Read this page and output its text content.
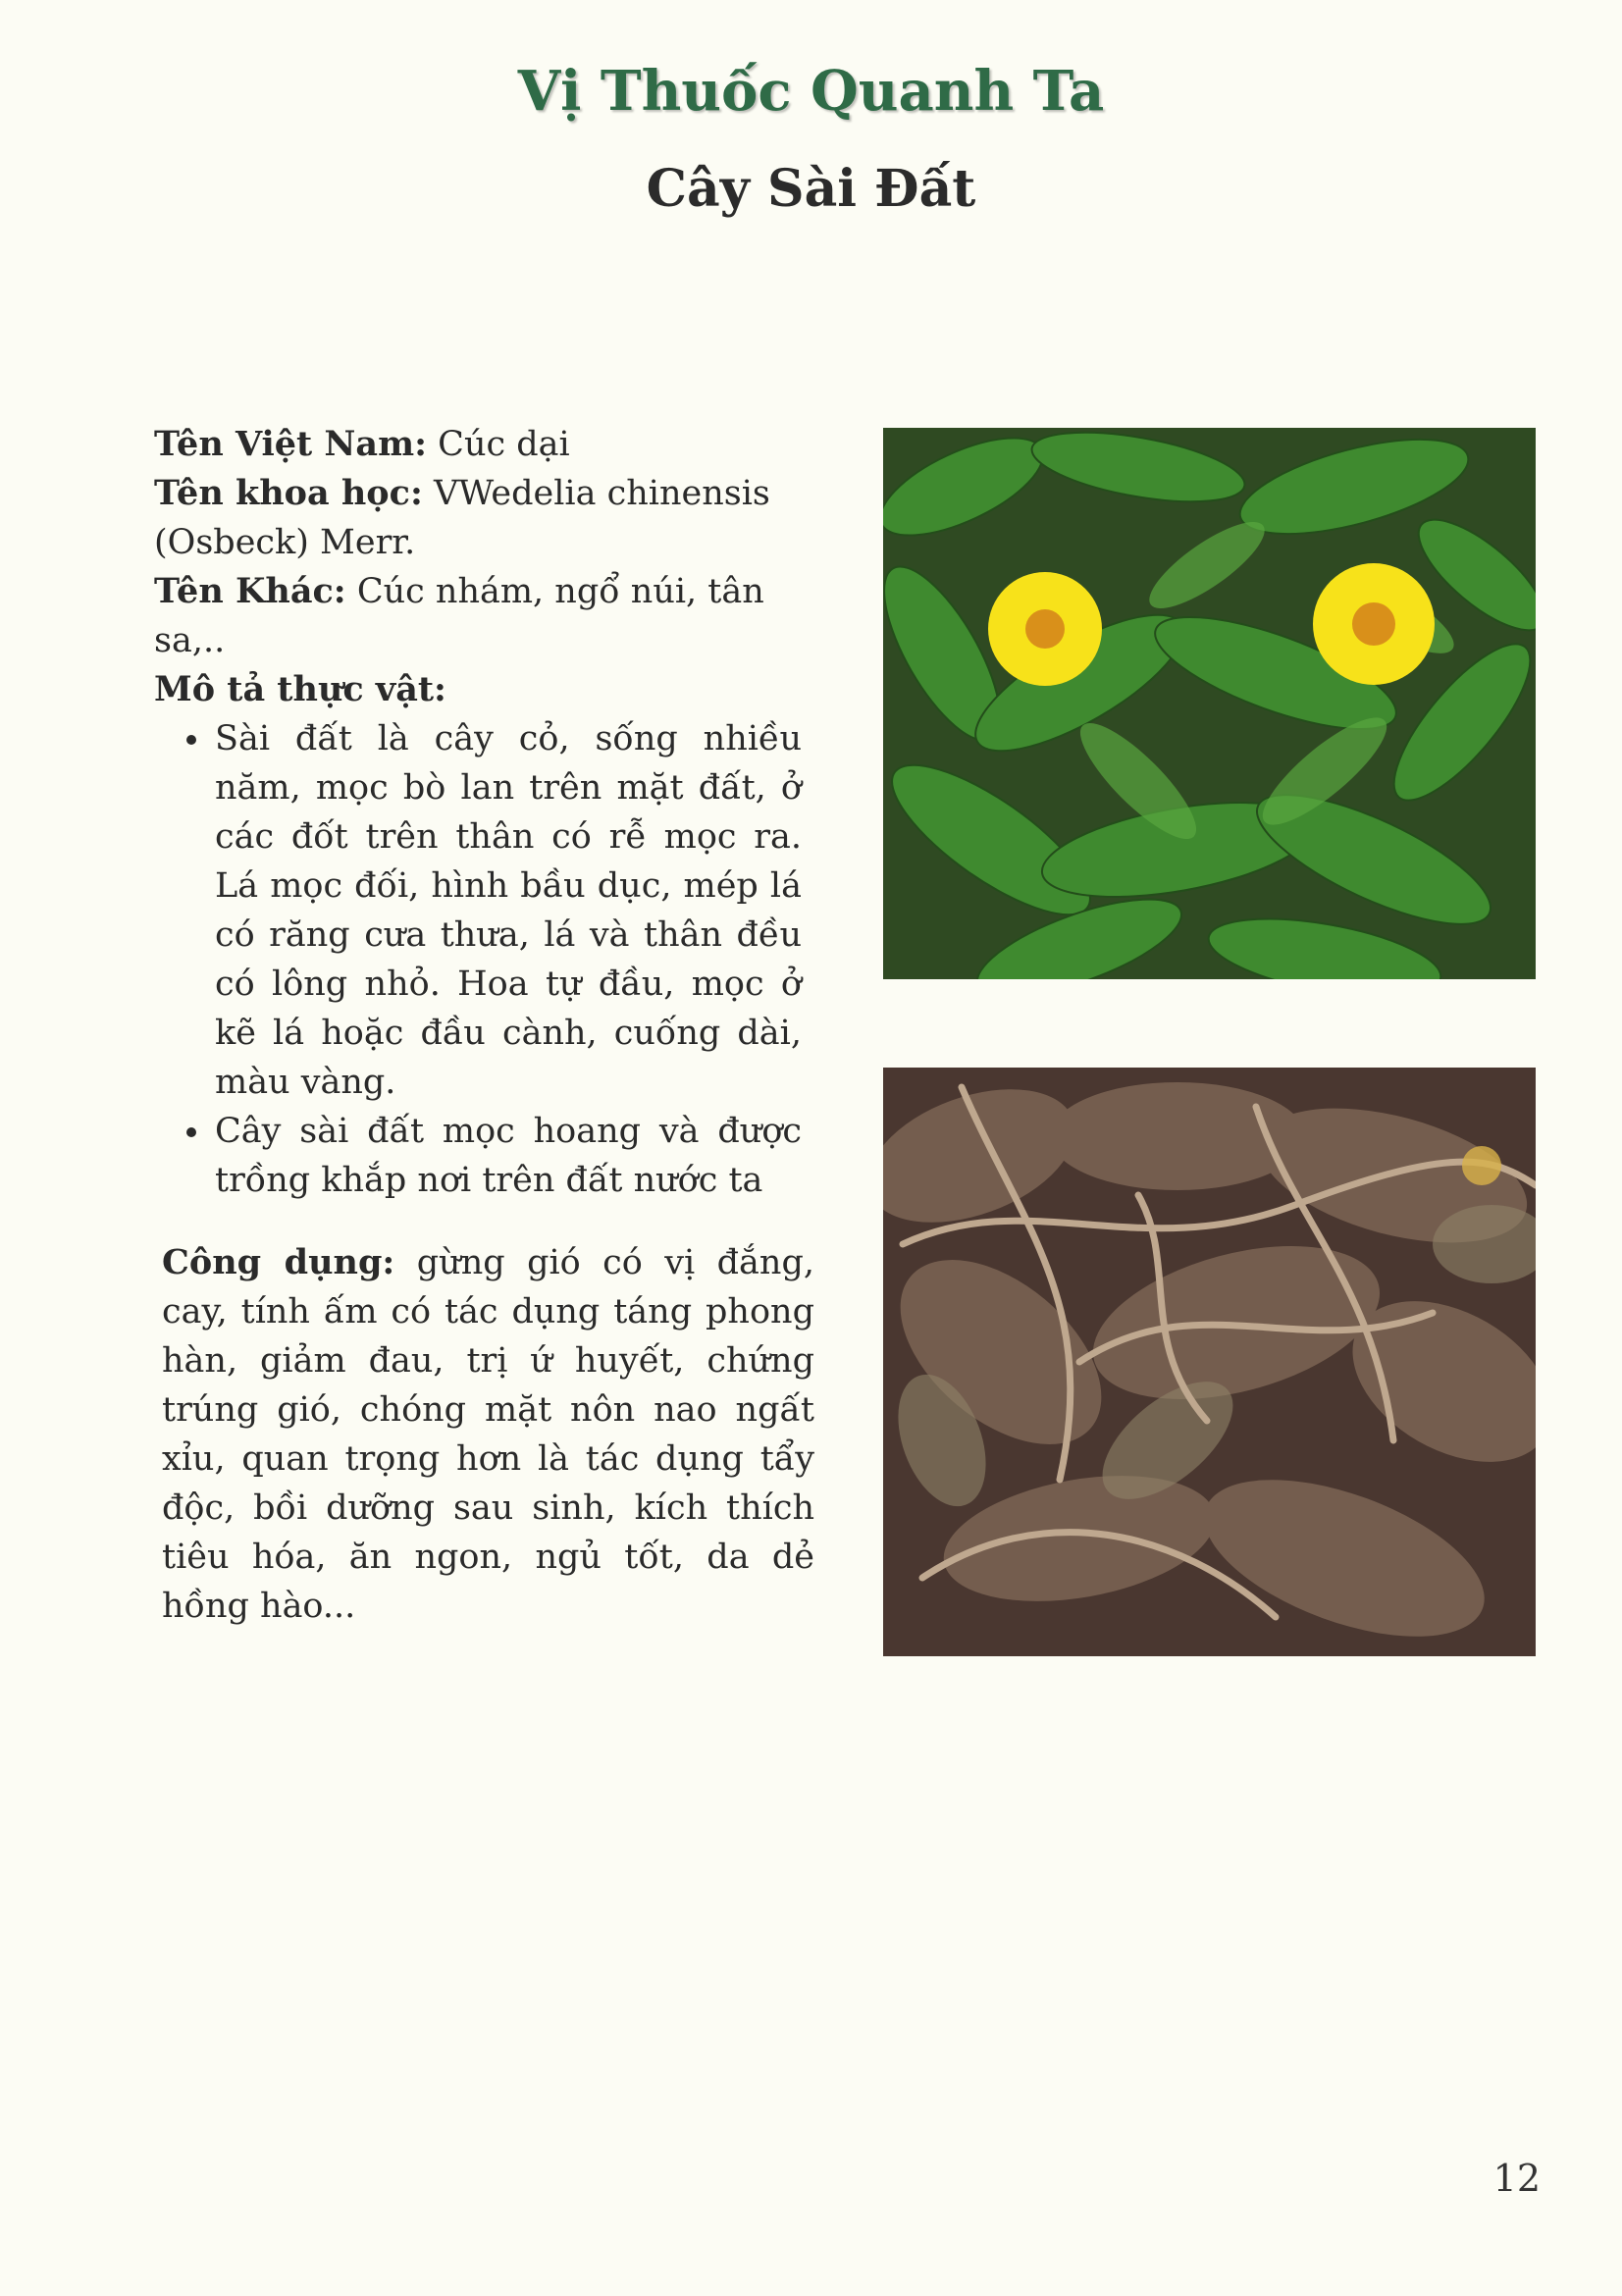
Vị Thuốc Quanh Ta
Cây Sài Đất

Tên Việt Nam: Cúc dại

Tên khoa học: VWedelia chinensis (Osbeck) Merr.

Tên Khác: Cúc nhám, ngổ núi, tân sa,..

Mô tả thực vật:

• Sài đất là cây cỏ, sống nhiều năm, mọc bò lan trên mặt đất, ở các đốt trên thân có rễ mọc ra. Lá mọc đối, hình bầu dục, mép lá có răng cưa thưa, lá và thân đều có lông nhỏ. Hoa tự đầu, mọc ở kẽ lá hoặc đầu cành, cuống dài, màu vàng.
• Cây sài đất mọc hoang và được trồng khắp nơi trên đất nước ta

Công dụng: gừng gió có vị đắng, cay, tính ấm có tác dụng táng phong hàn, giảm đau, trị ứ huyết, chứng trúng gió, chóng mặt nôn nao ngất xỉu, quan trọng hơn là tác dụng tẩy độc, bồi dưỡng sau sinh, kích thích tiêu hóa, ăn ngon, ngủ tốt, da dẻ hồng hào...

12
